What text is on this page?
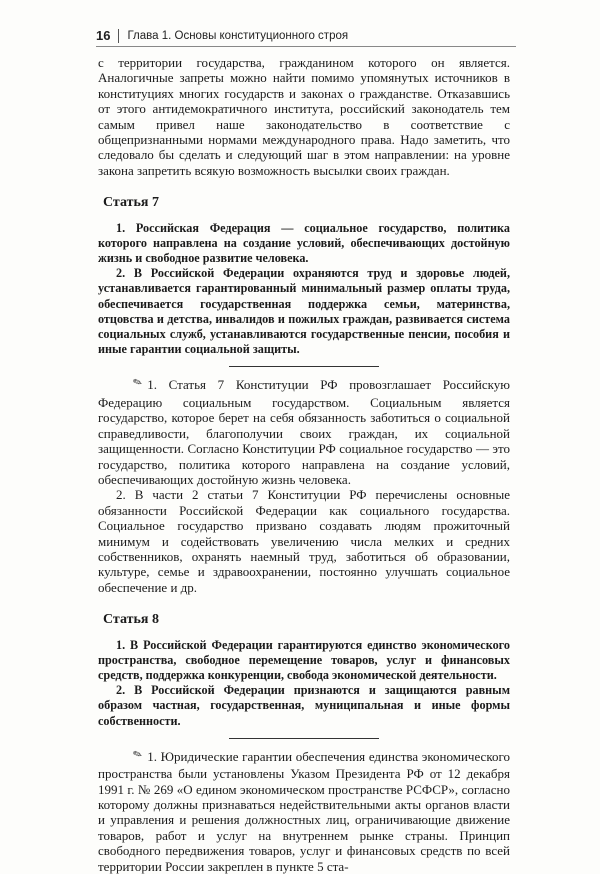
16 Глава 1. Основы конституционного строя

с территории государства, гражданином которого он является. Аналогичные запреты можно найти помимо упомянутых источников в конституциях многих государств и законах о гражданстве. Отказавшись от этого антидемократичного института, российский законодатель тем самым привел наше законодательство в соответствие с общепризнанными нормами международного права. Надо заметить, что следовало бы сделать и следующий шаг в этом направлении: на уровне закона запретить всякую возможность высылки своих граждан.

Статья 7

1. Российская Федерация — социальное государство, политика которого направлена на создание условий, обеспечивающих достойную жизнь и свободное развитие человека.

2. В Российской Федерации охраняются труд и здоровье людей, устанавливается гарантированный минимальный размер оплаты труда, обеспечивается государственная поддержка семьи, материнства, отцовства и детства, инвалидов и пожилых граждан, развивается система социальных служб, устанавливаются государственные пенсии, пособия и иные гарантии социальной защиты.

✎ 1. Статья 7 Конституции РФ провозглашает Российскую Федерацию социальным государством. Социальным является государство, которое берет на себя обязанность заботиться о социальной справедливости, благополучии своих граждан, их социальной защищенности. Согласно Конституции РФ социальное государство — это государство, политика которого направлена на создание условий, обеспечивающих достойную жизнь человека.

2. В части 2 статьи 7 Конституции РФ перечислены основные обязанности Российской Федерации как социального государства. Социальное государство призвано создавать людям прожиточный минимум и содействовать увеличению числа мелких и средних собственников, охранять наемный труд, заботиться об образовании, культуре, семье и здравоохранении, постоянно улучшать социальное обеспечение и др.

Статья 8

1. В Российской Федерации гарантируются единство экономического пространства, свободное перемещение товаров, услуг и финансовых средств, поддержка конкуренции, свобода экономической деятельности.

2. В Российской Федерации признаются и защищаются равным образом частная, государственная, муниципальная и иные формы собственности.

✎ 1. Юридические гарантии обеспечения единства экономического пространства были установлены Указом Президента РФ от 12 декабря 1991 г. № 269 «О едином экономическом пространстве РСФСР», согласно которому должны признаваться недействительными акты органов власти и управления и решения должностных лиц, ограничивающие движение товаров, работ и услуг на внутреннем рынке страны. Принцип свободного передвижения товаров, услуг и финансовых средств по всей территории России закреплен в пункте 5 ста-
